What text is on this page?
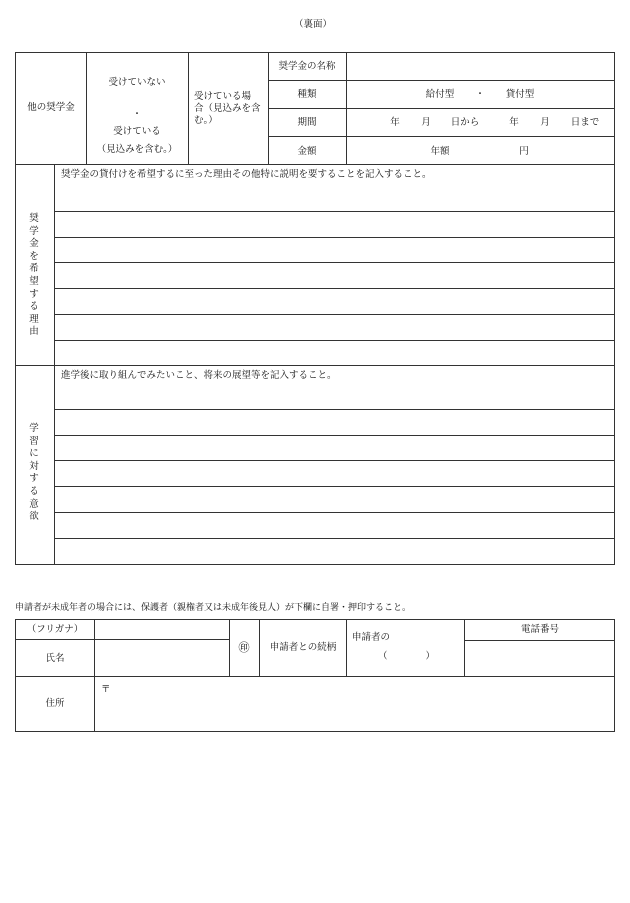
（裏面）
他の奨学金
受けていない
・
受けている
（見込みを含む。）
受けている場
合（見込みを含
む。）
奨学金の名称
種類
期間
金額
給付型 ・ 貸付型
年 月 日から	年 月 日まで
年額	円
奨学金を希望する理由
奨学金の貸付けを希望するに至った理由その他特に説明を要することを記入すること。
学習に対する意欲
進学後に取り組んでみたいこと、将来の展望等を記入すること。
申請者が未成年者の場合には、保護者（親権者又は未成年後見人）が下欄に自署・押印すること。
（フリガナ）
氏名
㊞ 申請者との続柄
申請者の
（　　　　）
電話番号
住所
〒
